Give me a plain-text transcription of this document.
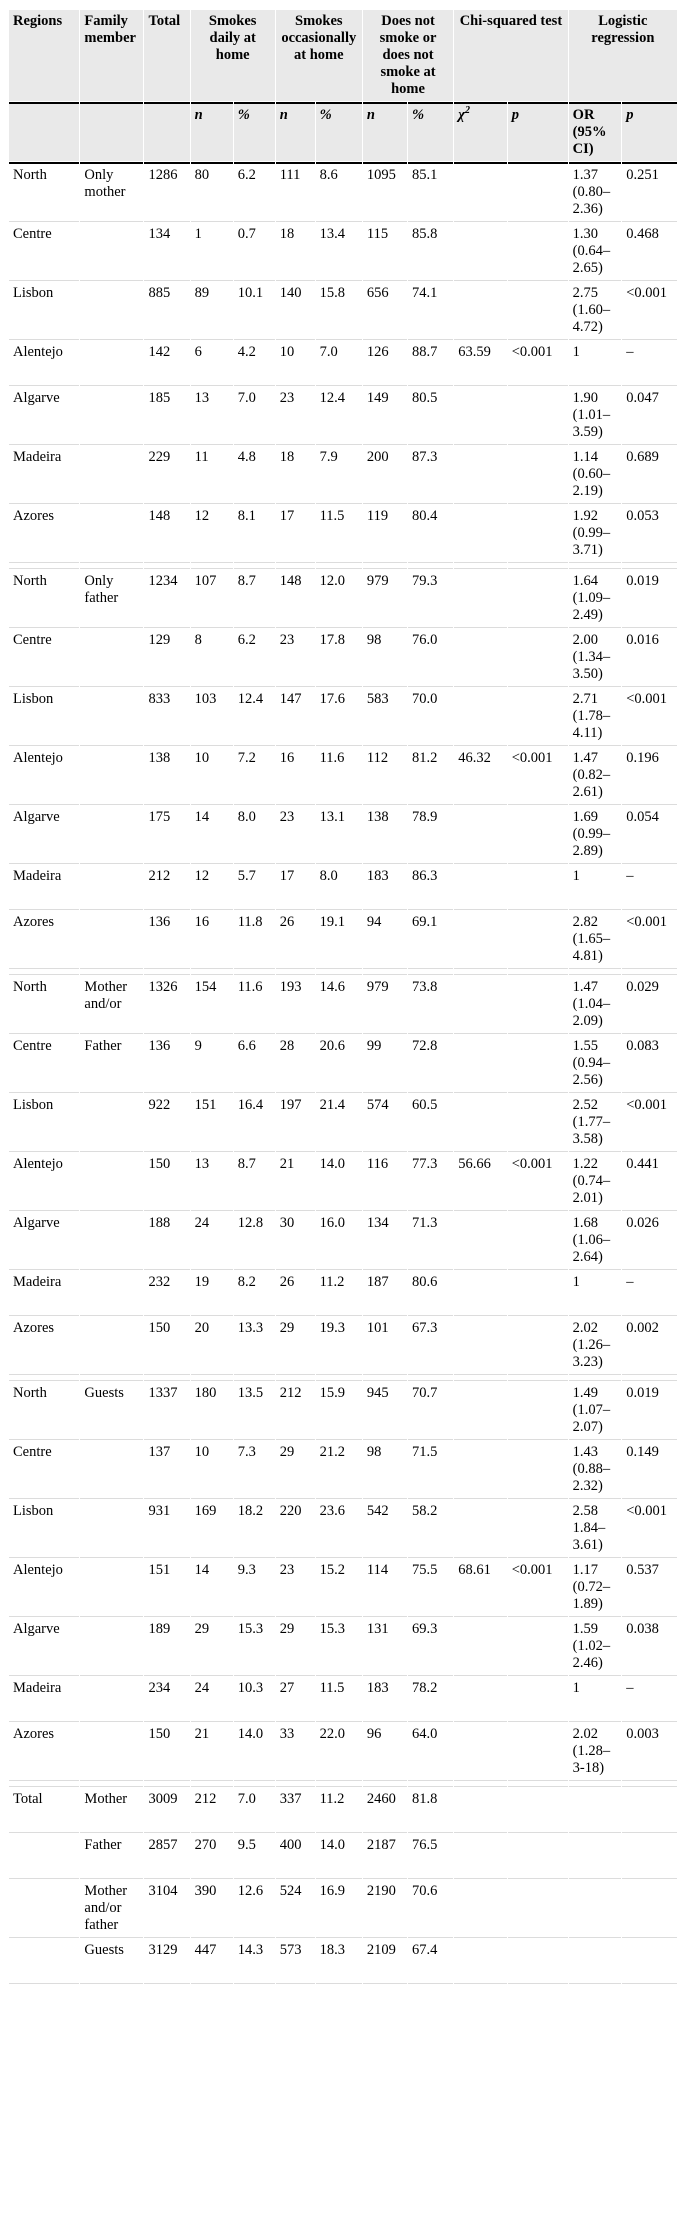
Regions	Family member	Total	Smokes daily at home		Smokes occasionally at home		Does not smoke or does not smoke at home		Chi-squared test		Logistic regression	
			n	%	n	%	n	%	$\chi^2$	p	OR (95% CI)	p
North	Only mother	1286	80	6.2	111	8.6	1095	85.1			1.37 (0.80–2.36)	0.251
Centre		134	1	0.7	18	13.4	115	85.8			1.30 (0.64–2.65)	0.468
Lisbon		885	89	10.1	140	15.8	656	74.1			2.75 (1.60–4.72)	<0.001
Alentejo		142	6	4.2	10	7.0	126	88.7	63.59	<0.001	1	–
Algarve		185	13	7.0	23	12.4	149	80.5			1.90 (1.01–3.59)	0.047
Madeira		229	11	4.8	18	7.9	200	87.3			1.14 (0.60–2.19)	0.689
Azores		148	12	8.1	17	11.5	119	80.4			1.92 (0.99–3.71)	0.053

North	Only father	1234	107	8.7	148	12.0	979	79.3			1.64 (1.09–2.49)	0.019
Centre		129	8	6.2	23	17.8	98	76.0			2.00 (1.34–3.50)	0.016
Lisbon		833	103	12.4	147	17.6	583	70.0			2.71 (1.78–4.11)	<0.001
Alentejo		138	10	7.2	16	11.6	112	81.2	46.32	<0.001	1.47 (0.82–2.61)	0.196
Algarve		175	14	8.0	23	13.1	138	78.9			1.69 (0.99–2.89)	0.054
Madeira		212	12	5.7	17	8.0	183	86.3			1	–
Azores		136	16	11.8	26	19.1	94	69.1			2.82 (1.65–4.81)	<0.001

North	Mother and/or	1326	154	11.6	193	14.6	979	73.8			1.47 (1.04–2.09)	0.029
Centre	Father	136	9	6.6	28	20.6	99	72.8			1.55 (0.94–2.56)	0.083
Lisbon		922	151	16.4	197	21.4	574	60.5			2.52 (1.77–3.58)	<0.001
Alentejo		150	13	8.7	21	14.0	116	77.3	56.66	<0.001	1.22 (0.74–2.01)	0.441
Algarve		188	24	12.8	30	16.0	134	71.3			1.68 (1.06–2.64)	0.026
Madeira		232	19	8.2	26	11.2	187	80.6			1	–
Azores		150	20	13.3	29	19.3	101	67.3			2.02 (1.26–3.23)	0.002

North	Guests	1337	180	13.5	212	15.9	945	70.7			1.49 (1.07–2.07)	0.019
Centre		137	10	7.3	29	21.2	98	71.5			1.43 (0.88–2.32)	0.149
Lisbon		931	169	18.2	220	23.6	542	58.2			2.58 1.84–3.61)	<0.001
Alentejo		151	14	9.3	23	15.2	114	75.5	68.61	<0.001	1.17 (0.72–1.89)	0.537
Algarve		189	29	15.3	29	15.3	131	69.3			1.59 (1.02–2.46)	0.038
Madeira		234	24	10.3	27	11.5	183	78.2			1	–
Azores		150	21	14.0	33	22.0	96	64.0			2.02 (1.28–3-18)	0.003

Total	Mother	3009	212	7.0	337	11.2	2460	81.8				
	Father	2857	270	9.5	400	14.0	2187	76.5				
	Mother and/or father	3104	390	12.6	524	16.9	2190	70.6				
	Guests	3129	447	14.3	573	18.3	2109	67.4				
